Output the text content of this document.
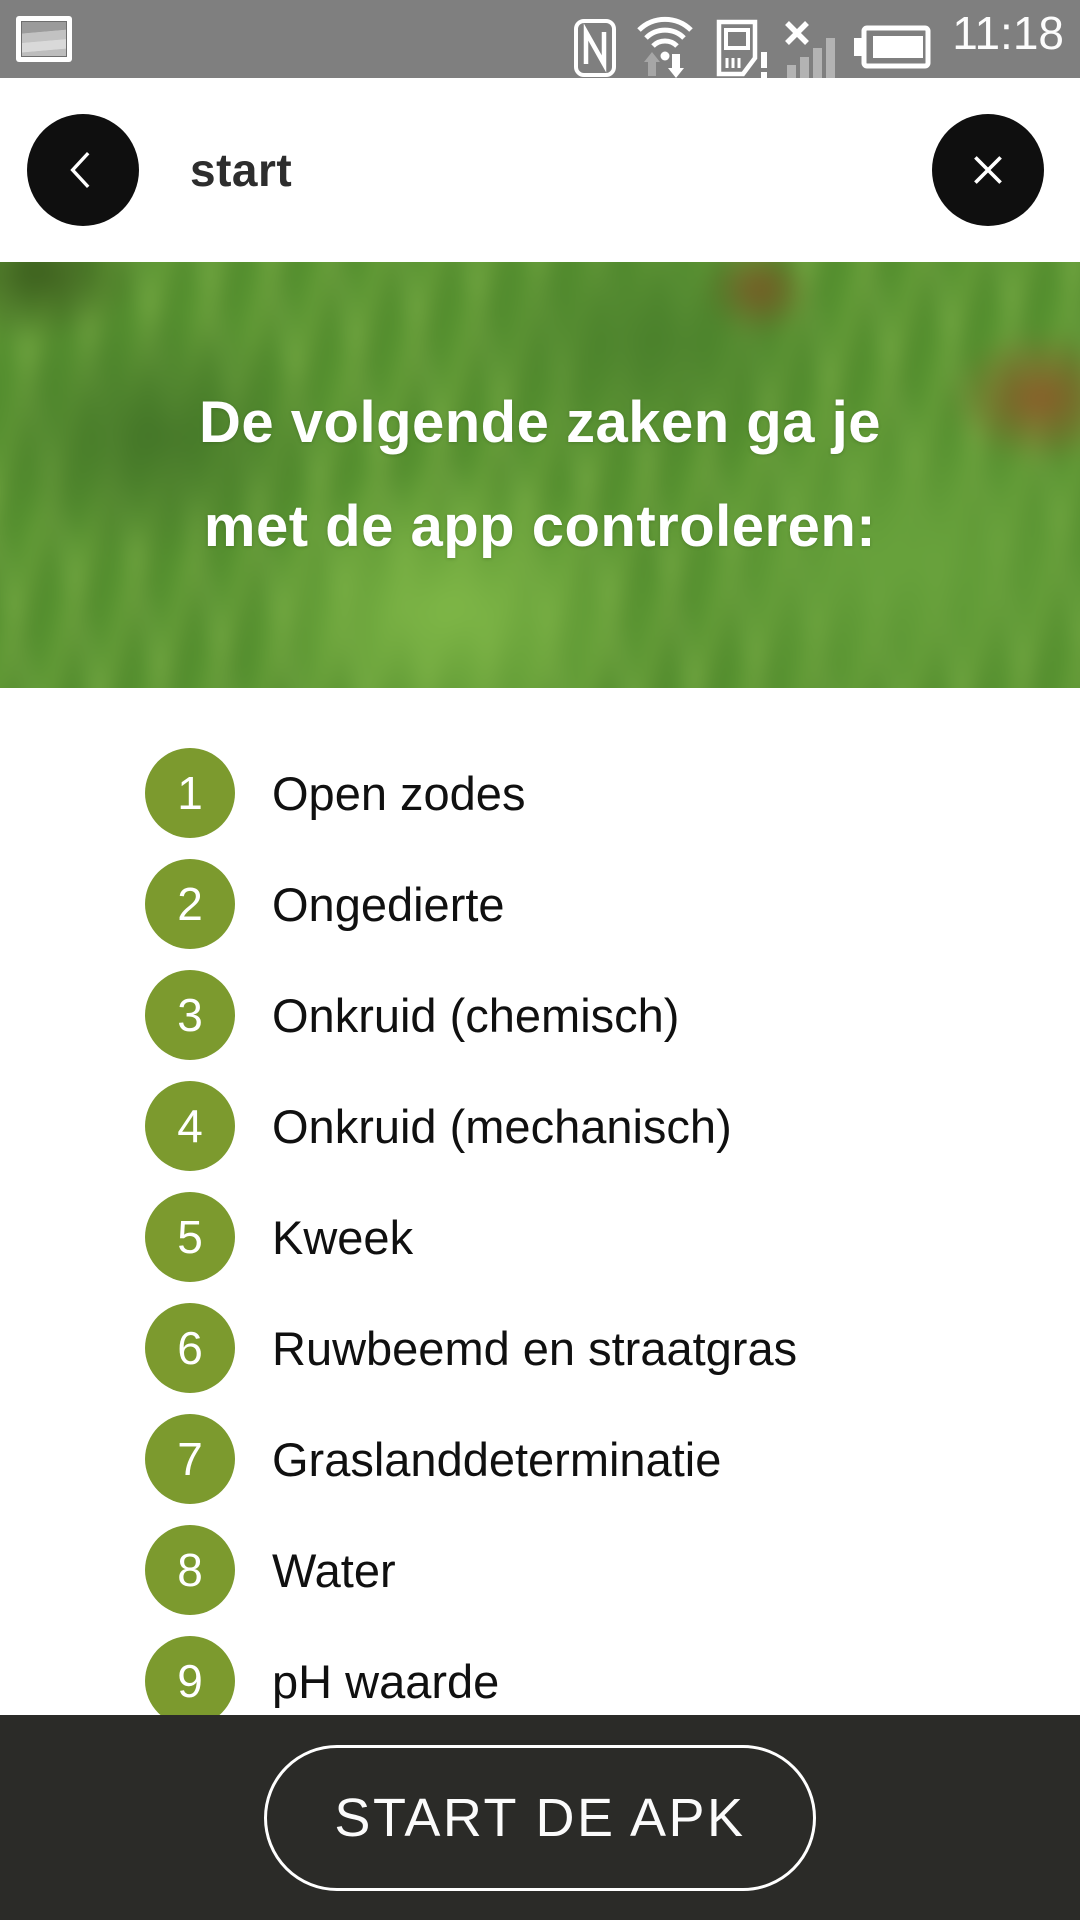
11:18
start
De volgende zaken ga je
met de app controleren:
1	Open zodes
2	Ongedierte
3	Onkruid (chemisch)
4	Onkruid (mechanisch)
5	Kweek
6	Ruwbeemd en straatgras
7	Graslanddeterminatie
8	Water
9	pH waarde
START DE APK
